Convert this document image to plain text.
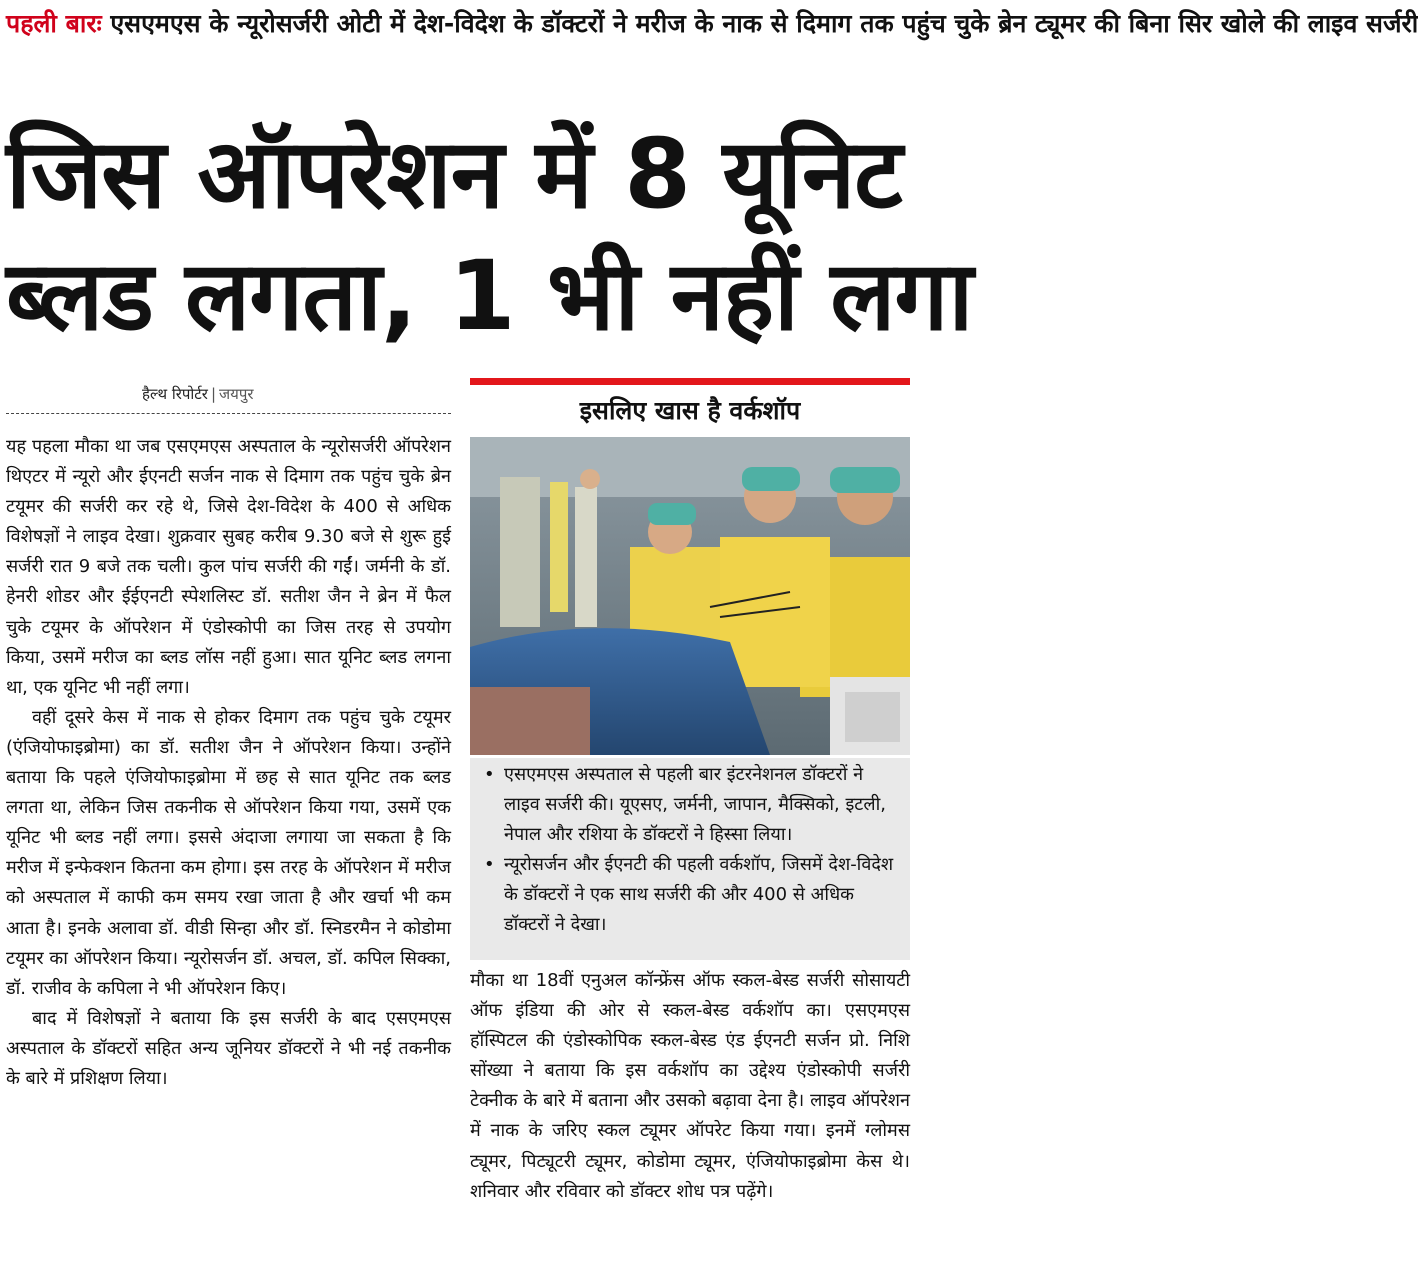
पहली बारः एसएमएस के न्यूरोसर्जरी ओटी में देश-विदेश के डॉक्टरों ने मरीज के नाक से दिमाग तक पहुंच चुके ब्रेन ट्यूमर की बिना सिर खोले की लाइव सर्जरी
जिस ऑपरेशन में 8 यूनिट
ब्लड लगता, 1 भी नहीं लगा
हैल्थ रिपोर्टर | जयपुर

यह पहला मौका था जब एसएमएस अस्पताल के न्यूरोसर्जरी ऑपरेशन थिएटर में न्यूरो और ईएनटी सर्जन नाक से दिमाग तक पहुंच चुके ब्रेन टयूमर की सर्जरी कर रहे थे, जिसे देश-विदेश के 400 से अधिक विशेषज्ञों ने लाइव देखा। शुक्रवार सुबह करीब 9.30 बजे से शुरू हुई सर्जरी रात 9 बजे तक चली। कुल पांच सर्जरी की गईं। जर्मनी के डॉ. हेनरी शोडर और ईईएनटी स्पेशलिस्ट डॉ. सतीश जैन ने ब्रेन में फैल चुके टयूमर के ऑपरेशन में एंडोस्कोपी का जिस तरह से उपयोग किया, उसमें मरीज का ब्लड लॉस नहीं हुआ। सात यूनिट ब्लड लगना था, एक यूनिट भी नहीं लगा।

वहीं दूसरे केस में नाक से होकर दिमाग तक पहुंच चुके टयूमर (एंजियोफाइब्रोमा) का डॉ. सतीश जैन ने ऑपरेशन किया। उन्होंने बताया कि पहले एंजियोफाइब्रोमा में छह से सात यूनिट तक ब्लड लगता था, लेकिन जिस तकनीक से ऑपरेशन किया गया, उसमें एक यूनिट भी ब्लड नहीं लगा। इससे अंदाजा लगाया जा सकता है कि मरीज में इन्फेक्शन कितना कम होगा। इस तरह के ऑपरेशन में मरीज को अस्पताल में काफी कम समय रखा जाता है और खर्चा भी कम आता है। इनके अलावा डॉ. वीडी सिन्हा और डॉ. स्निडरमैन ने कोडोमा टयूमर का ऑपरेशन किया। न्यूरोसर्जन डॉ. अचल, डॉ. कपिल सिक्का, डॉ. राजीव के कपिला ने भी ऑपरेशन किए।

बाद में विशेषज्ञों ने बताया कि इस सर्जरी के बाद एसएमएस अस्पताल के डॉक्टरों सहित अन्य जूनियर डॉक्टरों ने भी नई तकनीक के बारे में प्रशिक्षण लिया।

इसलिए खास है वर्कशॉप
• एसएमएस अस्पताल से पहली बार इंटरनेशनल डॉक्टरों ने लाइव सर्जरी की। यूएसए, जर्मनी, जापान, मैक्सिको, इटली, नेपाल और रशिया के डॉक्टरों ने हिस्सा लिया।
• न्यूरोसर्जन और ईएनटी की पहली वर्कशॉप, जिसमें देश-विदेश के डॉक्टरों ने एक साथ सर्जरी की और 400 से अधिक डॉक्टरों ने देखा।

मौका था 18वीं एनुअल कॉन्फ्रेंस ऑफ स्कल-बेस्ड सर्जरी सोसायटी ऑफ इंडिया की ओर से स्कल-बेस्ड वर्कशॉप का। एसएमएस हॉस्पिटल की एंडोस्कोपिक स्कल-बेस्ड एंड ईएनटी सर्जन प्रो. निशि सोंख्या ने बताया कि इस वर्कशॉप का उद्देश्य एंडोस्कोपी सर्जरी टेक्नीक के बारे में बताना और उसको बढ़ावा देना है। लाइव ऑपरेशन में नाक के जरिए स्कल ट्यूमर ऑपरेट किया गया। इनमें ग्लोमस ट्यूमर, पिट्यूटरी ट्यूमर, कोडोमा ट्यूमर, एंजियोफाइब्रोमा केस थे। शनिवार और रविवार को डॉक्टर शोध पत्र पढ़ेंगे।
